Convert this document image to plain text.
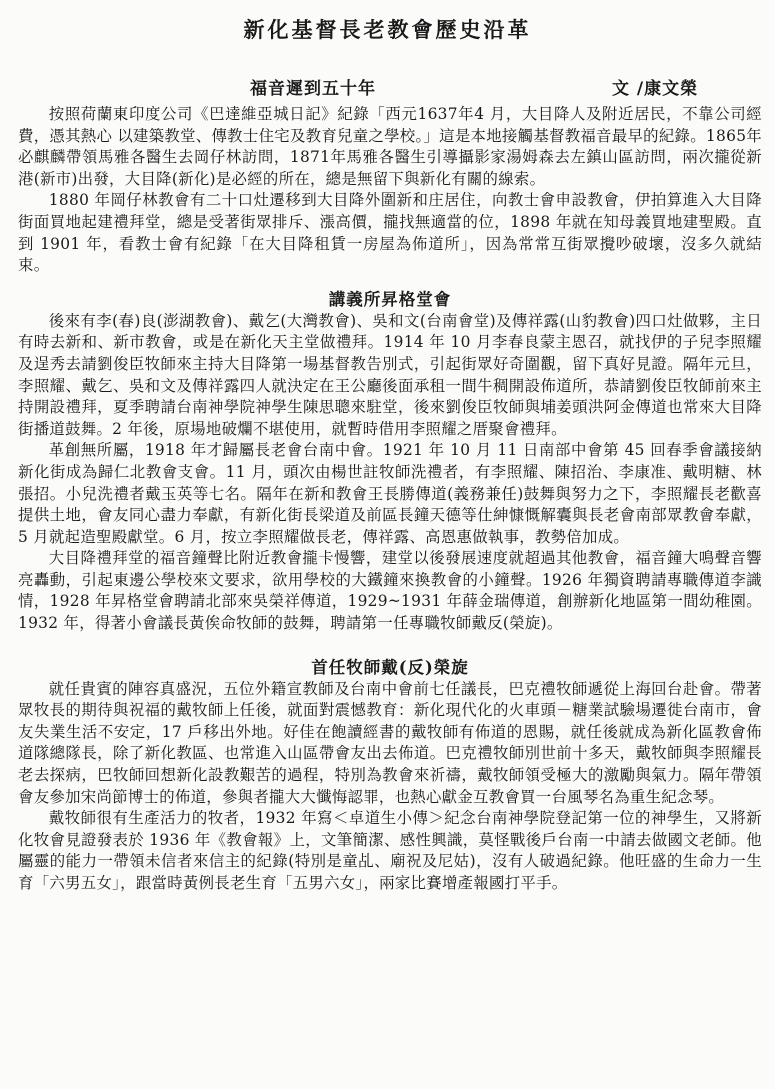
新化基督長老教會歷史沿革
福音遲到五十年	文 /康文榮

按照荷蘭東印度公司《巴達維亞城日記》紀錄「西元1637年4 月，大目降人及附近居民，不靠公司經費，憑其熱心 以建築教堂、傳教士住宅及教育兒童之學校。」這是本地接觸基督教福音最早的紀錄。1865年必麒麟帶領馬雅各醫生去岡仔林訪問，1871年馬雅各醫生引導攝影家湯姆森去左鎮山區訪問，兩次攏從新港(新市)出發，大目降(新化)是必經的所在，總是無留下與新化有關的線索。

1880 年岡仔林教會有二十口灶遷移到大目降外圍新和庄居住，向教士會申設教會，伊拍算進入大目降街面買地起建禮拜堂，總是受著街眾排斥、漲高價，攏找無適當的位，1898 年就在知母義買地建聖殿。直到 1901 年，看教士會有紀錄「在大目降租賃一房屋為佈道所」，因為常常互街眾攪吵破壞，沒多久就結束。

講義所昇格堂會

後來有李(春)良(澎湖教會)、戴乞(大灣教會)、吳和文(台南會堂)及傳祥露(山豹教會)四口灶做夥，主日有時去新和、新市教會，或是在新化天主堂做禮拜。1914 年 10 月李春良蒙主恩召，就找伊的子兒李照耀及逞秀去請劉俊臣牧師來主持大目降第一場基督教告別式，引起街眾好奇圍觀，留下真好見證。隔年元旦，李照耀、戴乞、吳和文及傳祥露四人就決定在王公廳後面承租一間牛稠開設佈道所，恭請劉俊臣牧師前來主持開設禮拜，夏季聘請台南神學院神學生陳思聰來駐堂，後來劉俊臣牧師與埔姜頭洪阿金傳道也常來大目降街播道鼓舞。2 年後，原場地破爛不堪使用，就暫時借用李照耀之厝聚會禮拜。

革創無所屬，1918 年才歸屬長老會台南中會。1921 年 10 月 11 日南部中會第 45 回春季會議接納新化街成為歸仁北教會支會。11 月，頭次由楊世註牧師洗禮者，有李照耀、陳招治、李康准、戴明糖、林張招。小兒洗禮者戴玉英等七名。隔年在新和教會王長勝傳道(義務兼任)鼓舞與努力之下，李照耀長老歡喜提供土地，會友同心盡力奉獻，有新化街長梁道及前區長鐘天德等仕紳慷慨解囊與長老會南部眾教會奉獻，5 月就起造聖殿獻堂。6 月，按立李照耀做長老，傳祥露、高恩惠做執事，教勢倍加成。

大目降禮拜堂的福音鐘聲比附近教會攏卡慢響，建堂以後發展速度就超過其他教會，福音鐘大鳴聲音響亮轟動，引起東邊公學校來文要求，欲用學校的大鐵鐘來換教會的小鐘聲。1926 年獨資聘請專職傳道李識情，1928 年昇格堂會聘請北部來吳榮祥傳道，1929~1931 年薛金瑞傳道，創辦新化地區第一間幼稚園。1932 年，得著小會議長黃俟命牧師的鼓舞，聘請第一任專職牧師戴反(榮旋)。

首任牧師戴(反)榮旋

就任貴賓的陣容真盛況，五位外籍宣教師及台南中會前七任議長，巴克禮牧師遞從上海回台赴會。帶著眾牧長的期待與祝福的戴牧師上任後，就面對震憾教育：新化現代化的火車頭－糖業試驗場遷徙台南市，會友失業生活不安定，17 戶移出外地。好佳在飽讀經書的戴牧師有佈道的恩賜，就任後就成為新化區教會佈道隊總隊長，除了新化教區、也常進入山區帶會友出去佈道。巴克禮牧師別世前十多天，戴牧師與李照耀長老去探病，巴牧師回想新化設教艱苦的過程，特別為教會來祈禱，戴牧師領受極大的激勵與氣力。隔年帶領會友參加宋尚節博士的佈道，參與者攏大大懺悔認罪，也熱心獻金互教會買一台風琴名為重生紀念琴。

戴牧師很有生產活力的牧者，1932 年寫＜卓道生小傳＞紀念台南神學院登記第一位的神學生，又將新化牧會見證發表於 1936 年《教會報》上，文筆簡潔、感性興識，莫怪戰後戶台南一中請去做國文老師。他屬靈的能力一帶領未信者來信主的紀錄(特別是童乩、廟祝及尼姑)，沒有人破過紀錄。他旺盛的生命力一生育「六男五女」，跟當時黃例長老生育「五男六女」，兩家比賽增產報國打平手。
